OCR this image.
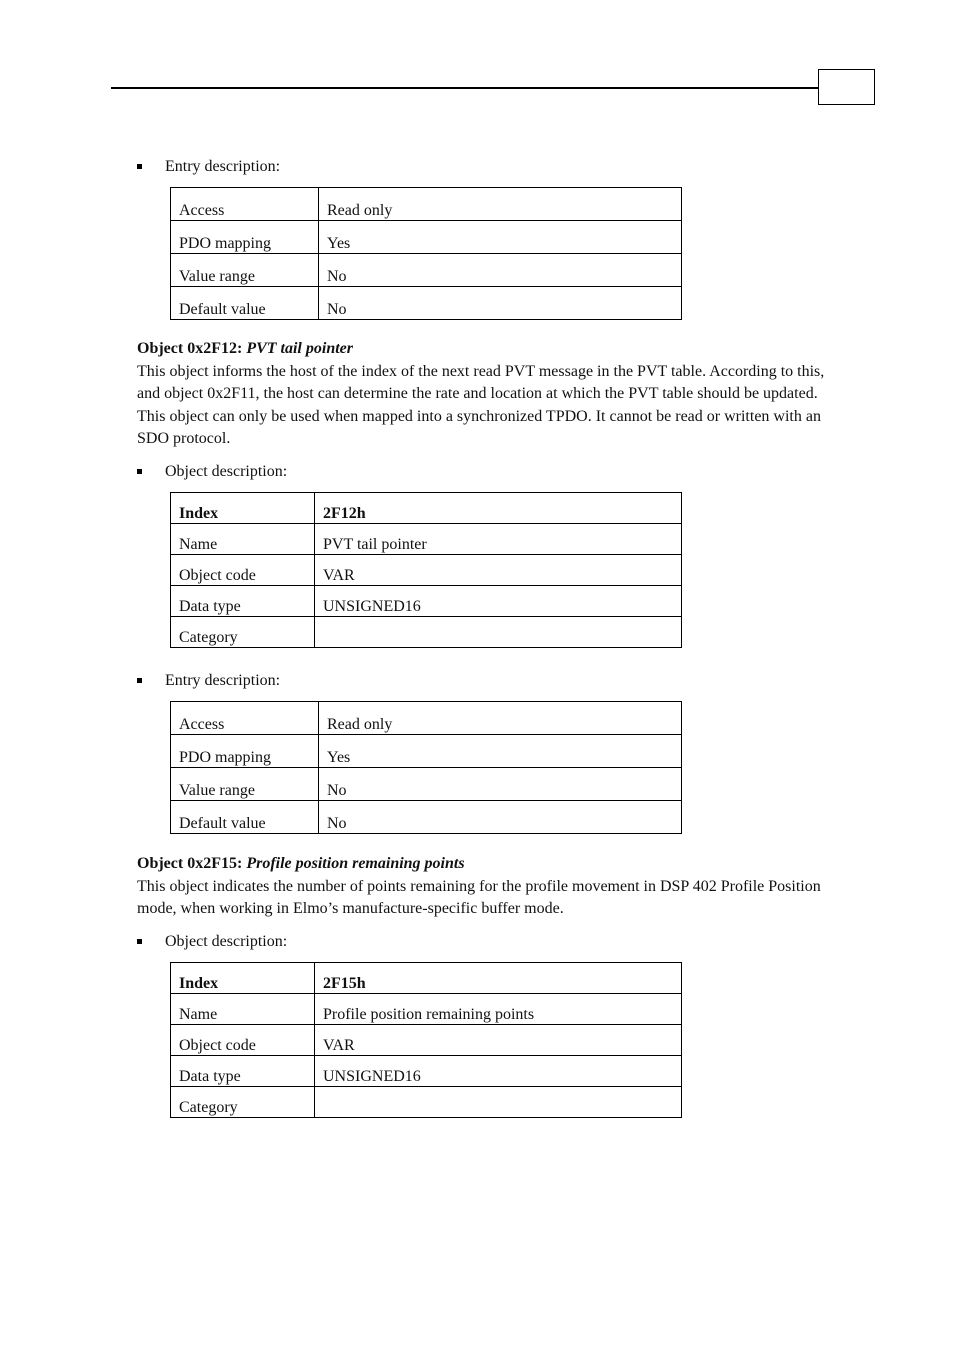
Entry description:
Access	Read only
PDO mapping	Yes
Value range	No
Default value	No
Object 0x2F12: PVT tail pointer
This object informs the host of the index of the next read PVT message in the PVT table. According to this, and object 0x2F11, the host can determine the rate and location at which the PVT table should be updated. This object can only be used when mapped into a synchronized TPDO. It cannot be read or written with an SDO protocol.
Object description:
Index	2F12h
Name	PVT tail pointer
Object code	VAR
Data type	UNSIGNED16
Category	
Entry description:
Access	Read only
PDO mapping	Yes
Value range	No
Default value	No
Object 0x2F15: Profile position remaining points
This object indicates the number of points remaining for the profile movement in DSP 402 Profile Position mode, when working in Elmo’s manufacture-specific buffer mode.
Object description:
Index	2F15h
Name	Profile position remaining points
Object code	VAR
Data type	UNSIGNED16
Category	
